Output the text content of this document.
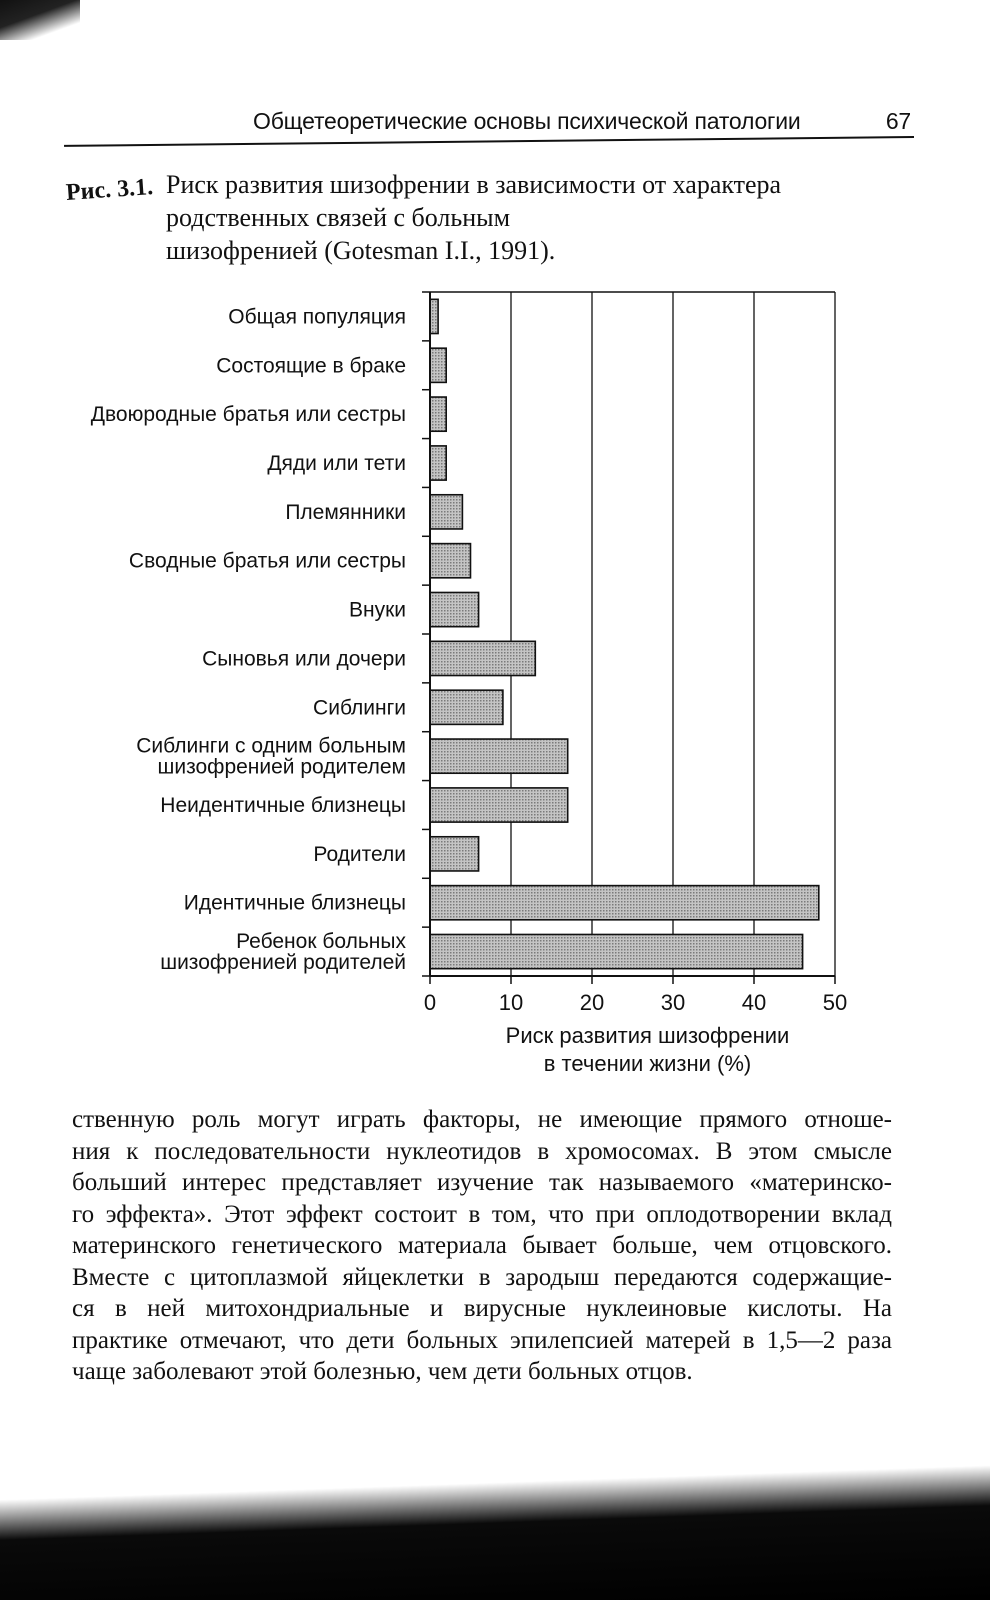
Общетеоретические основы психической патологии	67
Рис. 3.1. Риск развития шизофрении в зависимости от характера
родственных связей с больным
шизофренией (Gotesman I.I., 1991).
Общая популяция
Состоящие в браке
Двоюродные братья или сестры
Дяди или тети
Племянники
Сводные братья или сестры
Внуки
Сыновья или дочери
Сиблинги
Сиблинги с одним больным
шизофренией родителем
Неидентичные близнецы
Родители
Идентичные близнецы
Ребенок больных
шизофренией родителей
0	10	20	30	40	50
Риск развития шизофрении
в течении жизни (%)
ственную роль могут играть факторы, не имеющие прямого отноше-
ния к последовательности нуклеотидов в хромосомах. В этом смысле
больший интерес представляет изучение так называемого «материнско-
го эффекта». Этот эффект состоит в том, что при оплодотворении вклад
материнского генетического материала бывает больше, чем отцовского.
Вместе с цитоплазмой яйцеклетки в зародыш передаются содержащие-
ся в ней митохондриальные и вирусные нуклеиновые кислоты. На
практике отмечают, что дети больных эпилепсией матерей в 1,5—2 раза
чаще заболевают этой болезнью, чем дети больных отцов.
